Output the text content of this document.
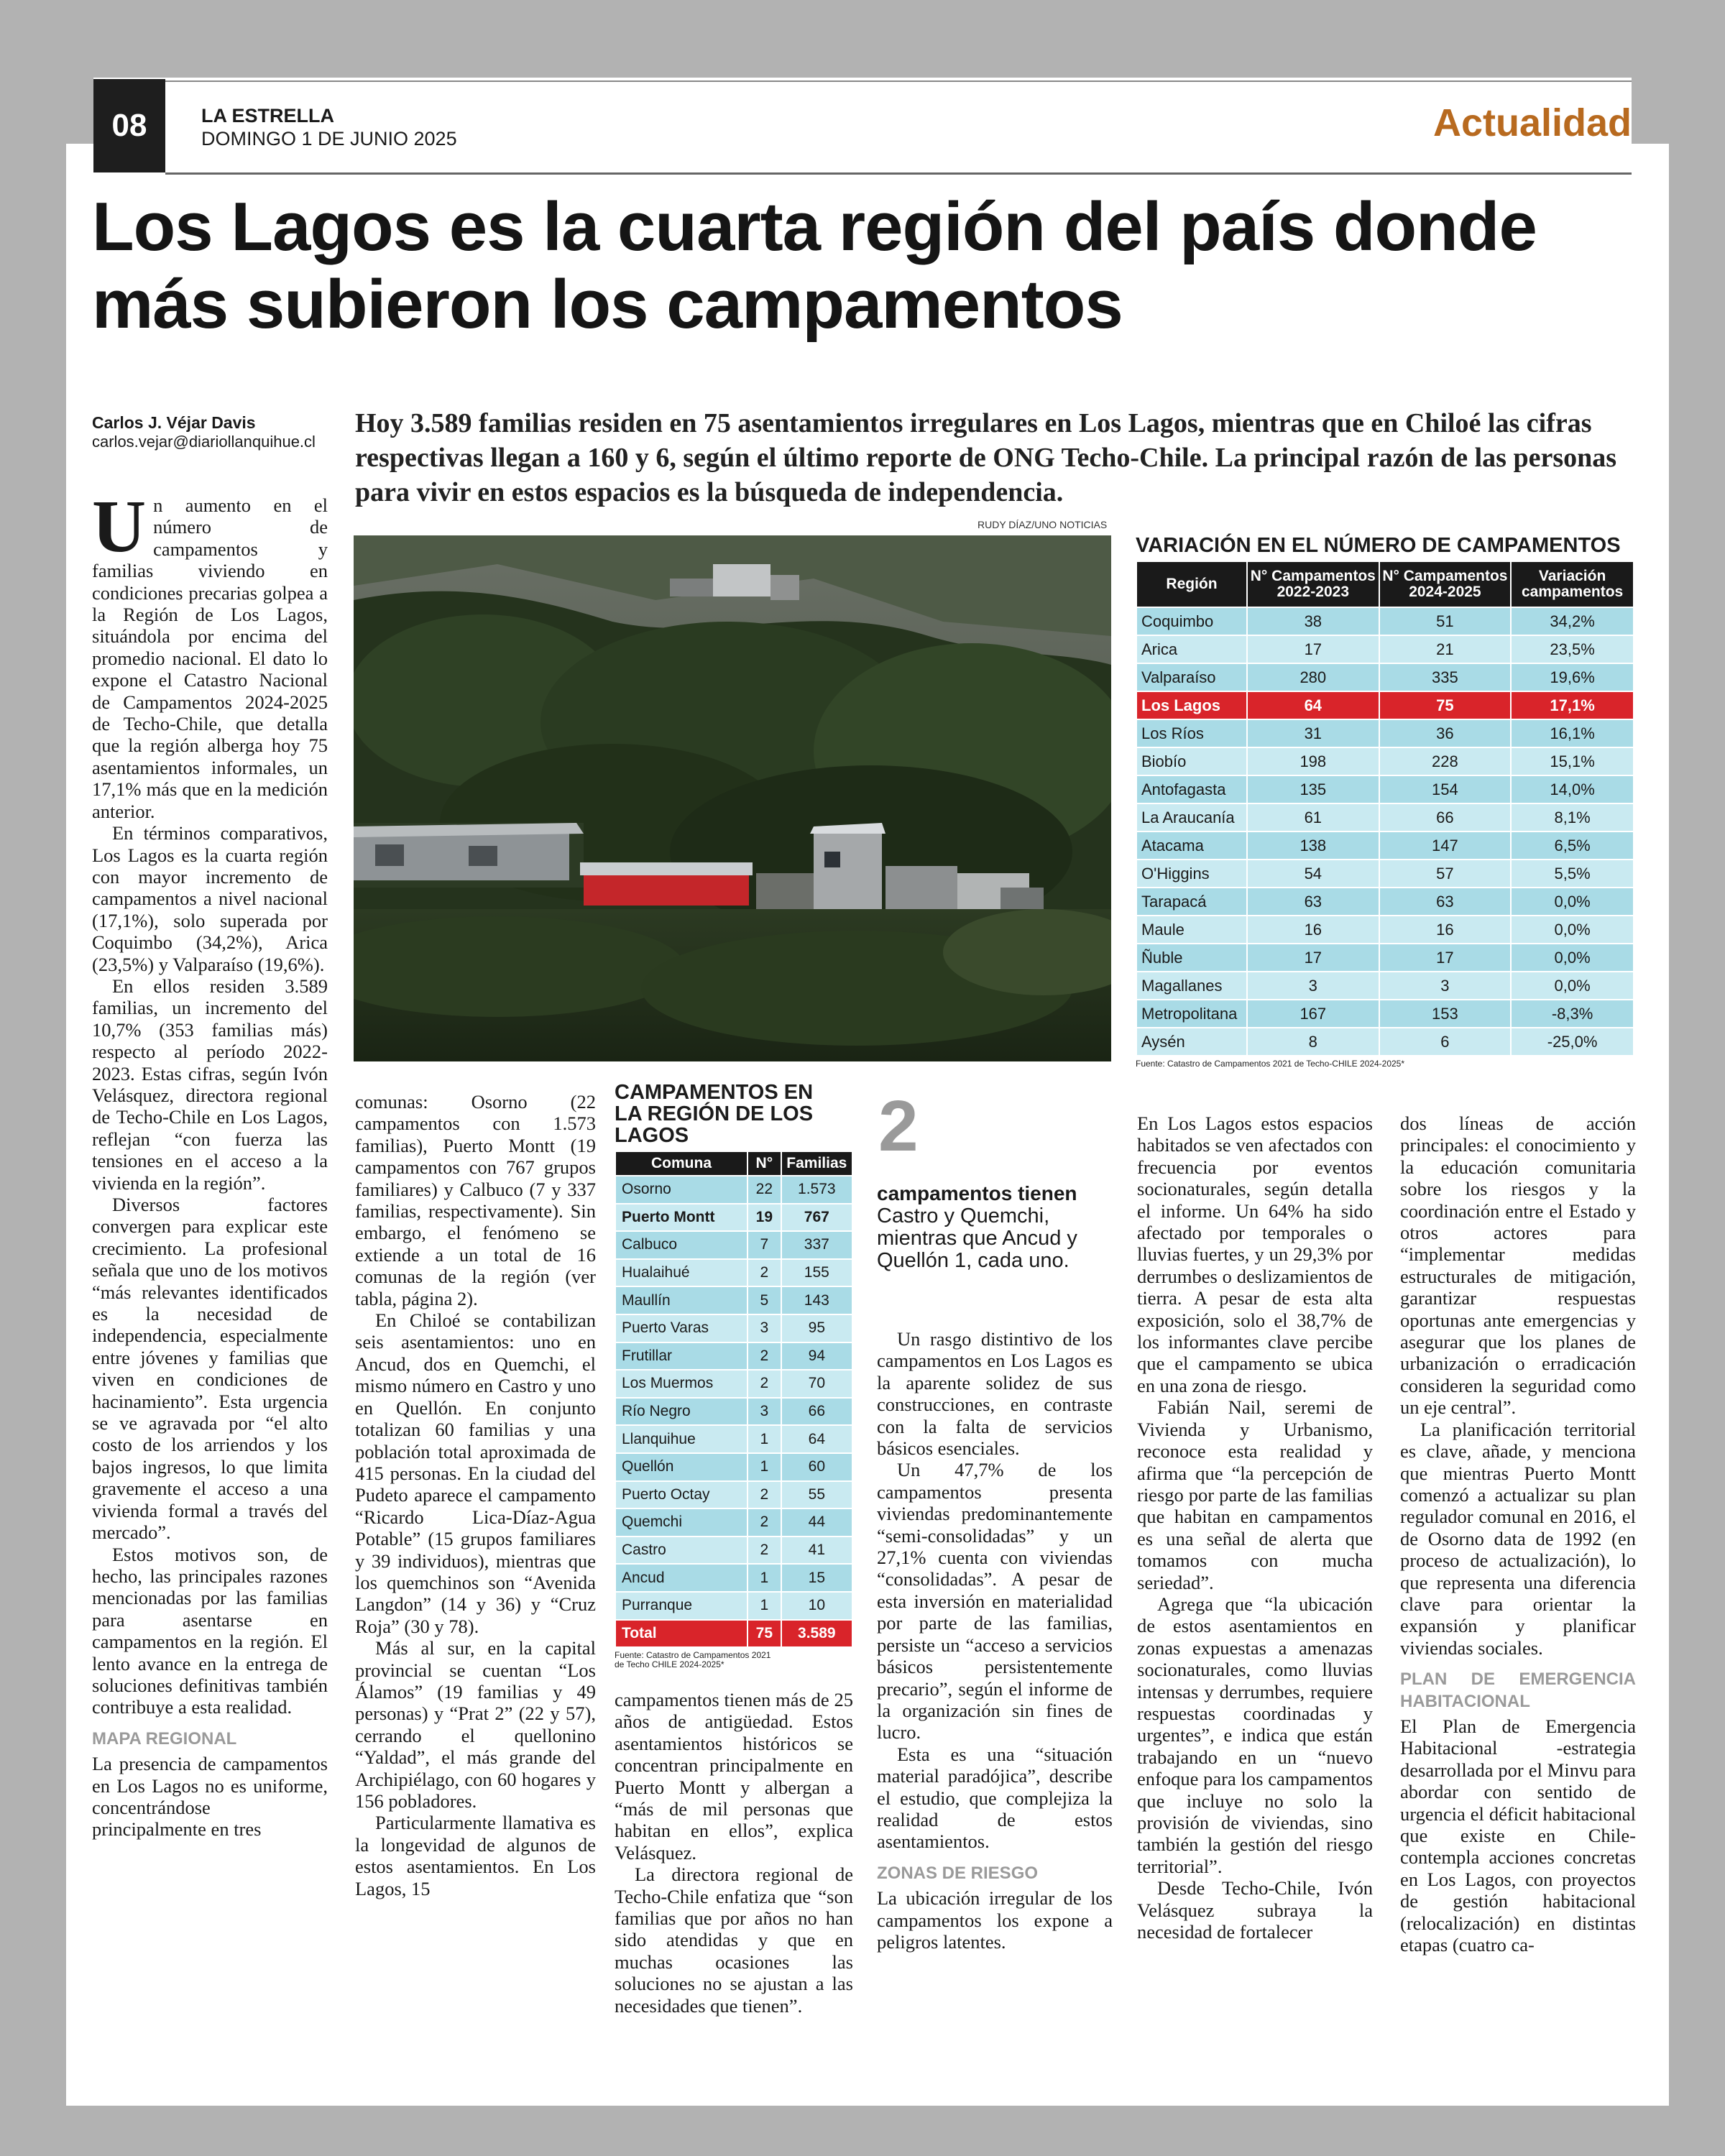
08	LA ESTRELLA
DOMINGO 1 DE JUNIO 2025	Actualidad
Los Lagos es la cuarta región del país donde más subieron los campamentos
Carlos J. Véjar Davis
carlos.vejar@diariollanquihue.cl
Hoy 3.589 familias residen en 75 asentamientos irregulares en Los Lagos, mientras que en Chiloé las cifras respectivas llegan a 160 y 6, según el último reporte de ONG Techo-Chile. La principal razón de las personas para vivir en estos espacios es la búsqueda de independencia.
RUDY DÍAZ/UNO NOTICIAS
VARIACIÓN EN EL NÚMERO DE CAMPAMENTOS
Región	N° Campamentos 2022-2023	N° Campamentos 2024-2025	Variación campamentos
Coquimbo	38	51	34,2%
Arica	17	21	23,5%
Valparaíso	280	335	19,6%
Los Lagos	64	75	17,1%
Los Ríos	31	36	16,1%
Biobío	198	228	15,1%
Antofagasta	135	154	14,0%
La Araucanía	61	66	8,1%
Atacama	138	147	6,5%
O'Higgins	54	57	5,5%
Tarapacá	63	63	0,0%
Maule	16	16	0,0%
Ñuble	17	17	0,0%
Magallanes	3	3	0,0%
Metropolitana	167	153	-8,3%
Aysén	8	6	-25,0%
Fuente: Catastro de Campamentos 2021 de Techo-CHILE 2024-2025*
CAMPAMENTOS EN LA REGIÓN DE LOS LAGOS
Comuna	N°	Familias
Osorno	22	1.573
Puerto Montt	19	767
Calbuco	7	337
Hualaihué	2	155
Maullín	5	143
Puerto Varas	3	95
Frutillar	2	94
Los Muermos	2	70
Río Negro	3	66
Llanquihue	1	64
Quellón	1	60
Puerto Octay	2	55
Quemchi	2	44
Castro	2	41
Ancud	1	15
Purranque	1	10
Total	75	3.589
Fuente: Catastro de Campamentos 2021 de Techo CHILE 2024-2025*
2
campamentos tienen
Castro y Quemchi, mientras que Ancud y Quellón 1, cada uno.

Un aumento en el número de campamentos y familias viviendo en condiciones precarias golpea a la Región de Los Lagos, situándola por encima del promedio nacional. El dato lo expone el Catastro Nacional de Campamentos 2024-2025 de Techo-Chile, que detalla que la región alberga hoy 75 asentamientos informales, un 17,1% más que en la medición anterior.

En términos comparativos, Los Lagos es la cuarta región con mayor incremento de campamentos a nivel nacional (17,1%), solo superada por Coquimbo (34,2%), Arica (23,5%) y Valparaíso (19,6%).

En ellos residen 3.589 familias, un incremento del 10,7% (353 familias más) respecto al período 2022-2023. Estas cifras, según Ivón Velásquez, directora regional de Techo-Chile en Los Lagos, reflejan “con fuerza las tensiones en el acceso a la vivienda en la región”.

Diversos factores convergen para explicar este crecimiento. La profesional señala que uno de los motivos “más relevantes identificados es la necesidad de independencia, especialmente entre jóvenes y familias que viven en condiciones de hacinamiento”. Esta urgencia se ve agravada por “el alto costo de los arriendos y los bajos ingresos, lo que limita gravemente el acceso a una vivienda formal a través del mercado”.

Estos motivos son, de hecho, las principales razones mencionadas por las familias para asentarse en campamentos en la región. El lento avance en la entrega de soluciones definitivas también contribuye a esta realidad.

MAPA REGIONAL

La presencia de campamentos en Los Lagos no es uniforme, concentrándose principalmente en tres

comunas: Osorno (22 campamentos con 1.573 familias), Puerto Montt (19 campamentos con 767 grupos familiares) y Calbuco (7 y 337 familias, respectivamente). Sin embargo, el fenómeno se extiende a un total de 16 comunas de la región (ver tabla, página 2).

En Chiloé se contabilizan seis asentamientos: uno en Ancud, dos en Quemchi, el mismo número en Castro y uno en Quellón. En conjunto totalizan 60 familias y una población total aproximada de 415 personas. En la ciudad del Pudeto aparece el campamento “Ricardo Lica-Díaz-Agua Potable” (15 grupos familiares y 39 individuos), mientras que los quemchinos son “Avenida Langdon” (14 y 36) y “Cruz Roja” (30 y 78).

Más al sur, en la capital provincial se cuentan “Los Álamos” (19 familias y 49 personas) y “Prat 2” (22 y 57), cerrando el quellonino “Yaldad”, el más grande del Archipiélago, con 60 hogares y 156 pobladores.

Particularmente llamativa es la longevidad de algunos de estos asentamientos. En Los Lagos, 15

campamentos tienen más de 25 años de antigüedad. Estos asentamientos históricos se concentran principalmente en Puerto Montt y albergan a “más de mil personas que habitan en ellos”, explica Velásquez.

La directora regional de Techo-Chile enfatiza que “son familias que por años no han sido atendidas y que en muchas ocasiones las soluciones no se ajustan a las necesidades que tienen”.

Un rasgo distintivo de los campamentos en Los Lagos es la aparente solidez de sus construcciones, en contraste con la falta de servicios básicos esenciales.

Un 47,7% de los campamentos presenta viviendas predominantemente “semi-consolidadas” y un 27,1% cuenta con viviendas “consolidadas”. A pesar de esta inversión en materialidad por parte de las familias, persiste un “acceso a servicios básicos persistentemente precario”, según el informe de la organización sin fines de lucro.

Esta es una “situación material paradójica”, describe el estudio, que complejiza la realidad de estos asentamientos.

ZONAS DE RIESGO

La ubicación irregular de los campamentos los expone a peligros latentes.

En Los Lagos estos espacios habitados se ven afectados con frecuencia por eventos socionaturales, según detalla el informe. Un 64% ha sido afectado por temporales o lluvias fuertes, y un 29,3% por derrumbes o deslizamientos de tierra. A pesar de esta alta exposición, solo el 38,7% de los informantes clave percibe que el campamento se ubica en una zona de riesgo.

Fabián Nail, seremi de Vivienda y Urbanismo, reconoce esta realidad y afirma que “la percepción de riesgo por parte de las familias que habitan en campamentos es una señal de alerta que tomamos con mucha seriedad”.

Agrega que “la ubicación de estos asentamientos en zonas expuestas a amenazas socionaturales, como lluvias intensas y derrumbes, requiere respuestas coordinadas y urgentes”, e indica que están trabajando en un “nuevo enfoque para los campamentos que incluye no solo la provisión de viviendas, sino también la gestión del riesgo territorial”.

Desde Techo-Chile, Ivón Velásquez subraya la necesidad de fortalecer

dos líneas de acción principales: el conocimiento y la educación comunitaria sobre los riesgos y la coordinación entre el Estado y otros actores para “implementar medidas estructurales de mitigación, garantizar respuestas oportunas ante emergencias y asegurar que los planes de urbanización o erradicación consideren la seguridad como un eje central”.

La planificación territorial es clave, añade, y menciona que mientras Puerto Montt comenzó a actualizar su plan regulador comunal en 2016, el de Osorno data de 1992 (en proceso de actualización), lo que representa una diferencia clave para orientar la expansión y planificar viviendas sociales.

PLAN DE EMERGENCIA HABITACIONAL

El Plan de Emergencia Habitacional -estrategia desarrollada por el Minvu para abordar con sentido de urgencia el déficit habitacional que existe en Chile- contempla acciones concretas en Los Lagos, con proyectos de gestión habitacional (relocalización) en distintas etapas (cuatro ca-
